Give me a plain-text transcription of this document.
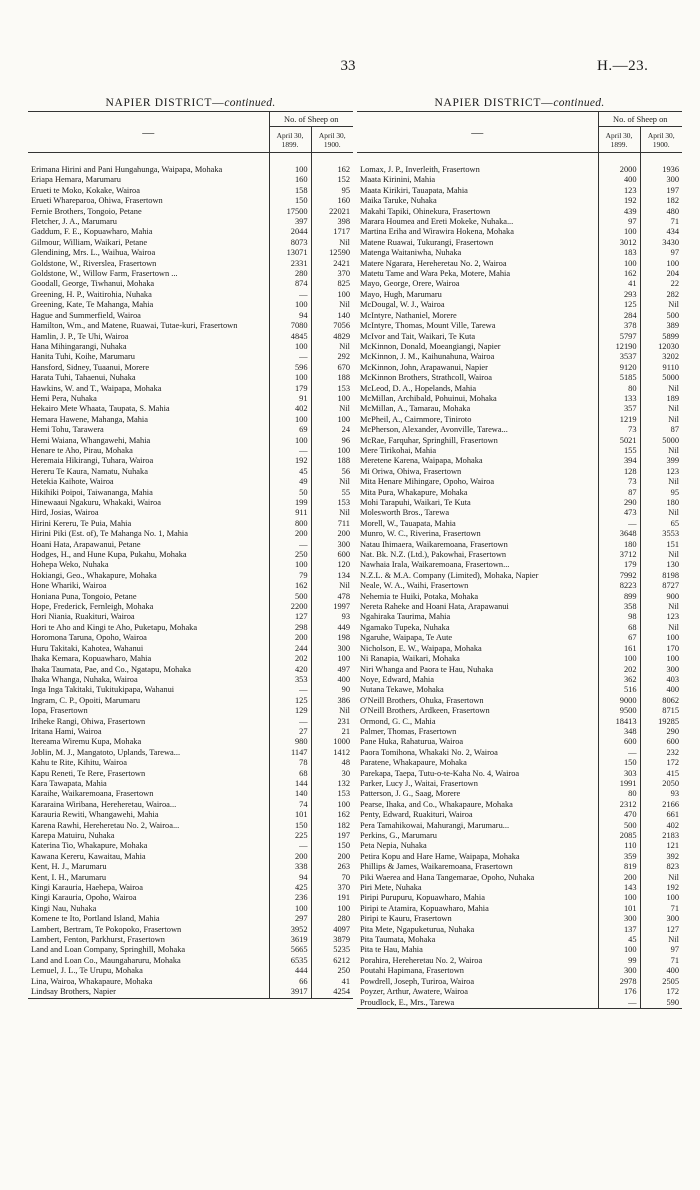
33	H.—23.
NAPIER DISTRICT—continued.
—	No. of Sheep on	
	April 30, 1899.	April 30, 1900.

Erimana Hirini and Pani Hungahunga, Waipapa, Mohaka	100	162
Eriapa Hemara, Marumaru	160	152
Erueti te Moko, Kokake, Wairoa	158	95
Erueti Whareparoa, Ohiwa, Frasertown	150	160
Fernie Brothers, Tongoio, Petane	17500	22021
Fletcher, J. A., Marumaru	397	398
Gaddum, F. E., Kopuawharo, Mahia	2044	1717
Gilmour, William, Waikari, Petane	8073	Nil
Glendining, Mrs. L., Waihua, Wairoa	13071	12590
Goldstone, W., Riverslea, Frasertown	2331	2421
Goldstone, W., Willow Farm, Frasertown ...	280	370
Goodall, George, Tiwhanui, Mohaka	874	825
Greening, H. P., Waitirohia, Nuhaka	—	100
Greening, Kate, Te Mahanga, Mahia	100	Nil
Hague and Summerfield, Wairoa	94	140
Hamilton, Wm., and Matene, Ruawai, Tutae-kuri, Frasertown	7080	7056
Hamlin, J. P., Te Uhi, Wairoa	4845	4829
Hana Mihingarangi, Nuhaka	100	Nil
Hanita Tuhi, Koihe, Marumaru	—	292
Hansford, Sidney, Tuaanui, Morere	596	670
Harata Tuhi, Tahaenui, Nuhaka	100	188
Hawkins, W. and T., Waipapa, Mohaka	179	153
Hemi Pera, Nuhaka	91	100
Hekairo Mete Whaata, Taupata, S. Mahia	402	Nil
Hemara Hawene, Mahanga, Mahia	100	100
Hemi Tohu, Tarawera	69	24
Hemi Waiana, Whangawehi, Mahia	100	96
Henare te Aho, Pirau, Mohaka	—	100
Heremaia Hikirangi, Tuhara, Wairoa	192	188
Hereru Te Kaura, Namatu, Nuhaka	45	56
Hetekia Kaihote, Wairoa	49	Nil
Hikihiki Poipoi, Taiwananga, Mahia	50	55
Hinewaaui Ngakuru, Whakaki, Wairoa	199	153
Hird, Josias, Wairoa	911	Nil
Hirini Kereru, Te Puia, Mahia	800	711
Hirini Piki (Est. of), Te Mahanga No. 1, Mahia	200	200
Hoani Hata, Arapawanui, Petane	—	300
Hodges, H., and Hune Kupa, Pukahu, Mohaka	250	600
Hohepa Weko, Nuhaka	100	120
Hokiangi, Geo., Whakapure, Mohaka	79	134
Hone Whariki, Wairoa	162	Nil
Honiana Puna, Tongoio, Petane	500	478
Hope, Frederick, Fernleigh, Mohaka	2200	1997
Hori Niania, Ruakituri, Wairoa	127	93
Hori te Aho and Kingi te Aho, Puketapu, Mohaka	298	449
Horomona Taruna, Opoho, Wairoa	200	198
Huru Takitaki, Kahotea, Wahanui	244	300
Ihaka Kemara, Kopuawharo, Mahia	202	100
Ihaka Taumata, Pae, and Co., Ngatapu, Mohaka	420	497
Ihaka Whanga, Nuhaka, Wairoa	353	400
Inga Inga Takitaki, Tukitukipapa, Wahanui	—	90
Ingram, C. P., Opoiti, Marumaru	125	386
Iopa, Frasertown	129	Nil
Iriheke Rangi, Ohiwa, Frasertown	—	231
Iritana Hami, Wairoa	27	21
Itereama Wiremu Kupa, Mohaka	980	1000
Joblin, M. J., Mangatoto, Uplands, Tarewa...	1147	1412
Kahu te Rite, Kihitu, Wairoa	78	48
Kapu Reneti, Te Rere, Frasertown	68	30
Kara Tawapata, Mahia	144	132
Karaihe, Waikaremoana, Frasertown	140	153
Kararaina Wiribana, Hereheretau, Wairoa...	74	100
Karauria Rewiti, Whangawehi, Mahia	101	162
Karena Rawhi, Hereheretau No. 2, Wairoa...	150	182
Karepa Matuiru, Nuhaka	225	197
Katerina Tio, Whakapure, Mohaka	—	150
Kawana Kereru, Kawaitau, Mahia	200	200
Kent, H. J., Marumaru	338	263
Kent, I. H., Marumaru	94	70
Kingi Karauria, Haehepa, Wairoa	425	370
Kingi Karauria, Opoho, Wairoa	236	191
Kingi Nau, Nuhaka	100	100
Komene te Ito, Portland Island, Mahia	297	280
Lambert, Bertram, Te Pokopoko, Frasertown	3952	4097
Lambert, Fenton, Parkhurst, Frasertown	3619	3879
Land and Loan Company, Springhill, Mohaka	5665	5235
Land and Loan Co., Maungaharuru, Mohaka	6535	6212
Lemuel, J. L., Te Urupu, Mohaka	444	250
Lina, Wairoa, Whakapaure, Mohaka	66	41
Lindsay Brothers, Napier	3917	4254
NAPIER DISTRICT—continued.
—	No. of Sheep on	
	April 30, 1899.	April 30, 1900.

Lomax, J. P., Inverleith, Frasertown	2000	1936
Maata Kirinini, Mahia	400	300
Maata Kirikiri, Tauapata, Mahia	123	197
Maika Taruke, Nuhaka	192	182
Makahi Tapiki, Ohinekura, Frasertown	439	480
Marara Houmea and Ereti Mokeke, Nuhaka...	97	71
Martina Eriha and Wirawira Hokena, Mohaka	100	434
Matene Ruawai, Tukurangi, Frasertown	3012	3430
Matenga Waitaniwha, Nuhaka	183	97
Matere Ngarara, Hereheretau No. 2, Wairoa	100	100
Matetu Tame and Wara Peka, Motere, Mahia	162	204
Mayo, George, Orere, Wairoa	41	22
Mayo, Hugh, Marumaru	293	282
McDougal, W. J., Wairoa	125	Nil
McIntyre, Nathaniel, Morere	284	500
McIntyre, Thomas, Mount Ville, Tarewa	378	389
McIvor and Tait, Waikari, Te Kuta	5797	5899
McKinnon, Donald, Moeangiangi, Napier	12190	12030
McKinnon, J. M., Kaihunahuna, Wairoa	3537	3202
McKinnon, John, Arapawanui, Napier	9120	9110
McKinnon Brothers, Strathcoll, Wairoa	5185	5000
McLeod, D. A., Hopelands, Mahia	80	Nil
McMillan, Archibald, Pohuinui, Mohaka	133	189
McMillan, A., Tamarau, Mohaka	357	Nil
McPheil, A., Cairnmore, Tiniroto	1219	Nil
McPherson, Alexander, Avonville, Tarewa...	73	87
McRae, Farquhar, Springhill, Frasertown	5021	5000
Mere Tirikohai, Mahia	155	Nil
Meretene Karena, Waipapa, Mohaka	394	399
Mi Oriwa, Ohiwa, Frasertown	128	123
Mita Henare Mihingare, Opoho, Wairoa	73	Nil
Mita Pura, Whakapure, Mohaka	87	95
Mohi Tarapuhi, Waikari, Te Kuta	290	180
Molesworth Bros., Tarewa	473	Nil
Morell, W., Tauapata, Mahia	—	65
Munro, W. C., Riverina, Frasertown	3648	3553
Natau Ihimaera, Waikaremoana, Frasertown	180	151
Nat. Bk. N.Z. (Ltd.), Pakowhai, Frasertown	3712	Nil
Nawhaia Irala, Waikaremoana, Frasertown...	179	130
N.Z.L. & M.A. Company (Limited), Mohaka, Napier	7992	8198
Neale, W. A., Waihi, Frasertown	8223	8727
Nehemia te Huiki, Potaka, Mohaka	899	900
Nereta Raheke and Hoani Hata, Arapawanui	358	Nil
Ngahiraka Taurima, Mahia	98	123
Ngamako Tupeka, Nuhaka	68	Nil
Ngaruhe, Waipapa, Te Aute	67	100
Nicholson, E. W., Waipapa, Mohaka	161	170
Ni Ranapia, Waikari, Mohaka	100	100
Niri Whanga and Paora te Hau, Nuhaka	202	300
Noye, Edward, Mahia	362	403
Nutana Tekawe, Mohaka	516	400
O'Neill Brothers, Ohuka, Frasertown	9000	8062
O'Neill Brothers, Ardkeen, Frasertown	9500	8715
Ormond, G. C., Mahia	18413	19285
Palmer, Thomas, Frasertown	348	290
Pane Huka, Rahaturua, Wairoa	600	600
Paora Tomihona, Whakaki No. 2, Wairoa	—	232
Paratene, Whakapaure, Mohaka	150	172
Parekapa, Taepa, Tutu-o-te-Kaha No. 4, Wairoa	303	415
Parker, Lucy J., Waitai, Frasertown	1991	2050
Patterson, J. G., Saag, Morere	80	93
Pearse, Ihaka, and Co., Whakapaure, Mohaka	2312	2166
Penty, Edward, Ruakituri, Wairoa	470	661
Pera Tamahikowai, Mahurangi, Marumaru...	500	402
Perkins, G., Marumaru	2085	2183
Peta Nepia, Nuhaka	110	121
Petira Kopu and Hare Hame, Waipapa, Mohaka	359	392
Phillips & James, Waikaremoana, Frasertown	819	823
Piki Waerea and Hana Tangemarae, Opoho, Nuhaka	200	Nil
Piri Mete, Nuhaka	143	192
Piripi Purupuru, Kopuawharo, Mahia	100	100
Piripi te Atamira, Kopuawharo, Mahia	101	71
Piripi te Kauru, Frasertown	300	300
Pita Mete, Ngapuketurua, Nuhaka	137	127
Pita Taumata, Mohaka	45	Nil
Pita te Hau, Mahia	100	97
Porahira, Hereheretau No. 2, Wairoa	99	71
Poutahi Hapimana, Frasertown	300	400
Powdrell, Joseph, Turiroa, Wairoa	2978	2505
Poyzer, Arthur, Awatere, Wairoa	176	172
Proudlock, E., Mrs., Tarewa	—	590
